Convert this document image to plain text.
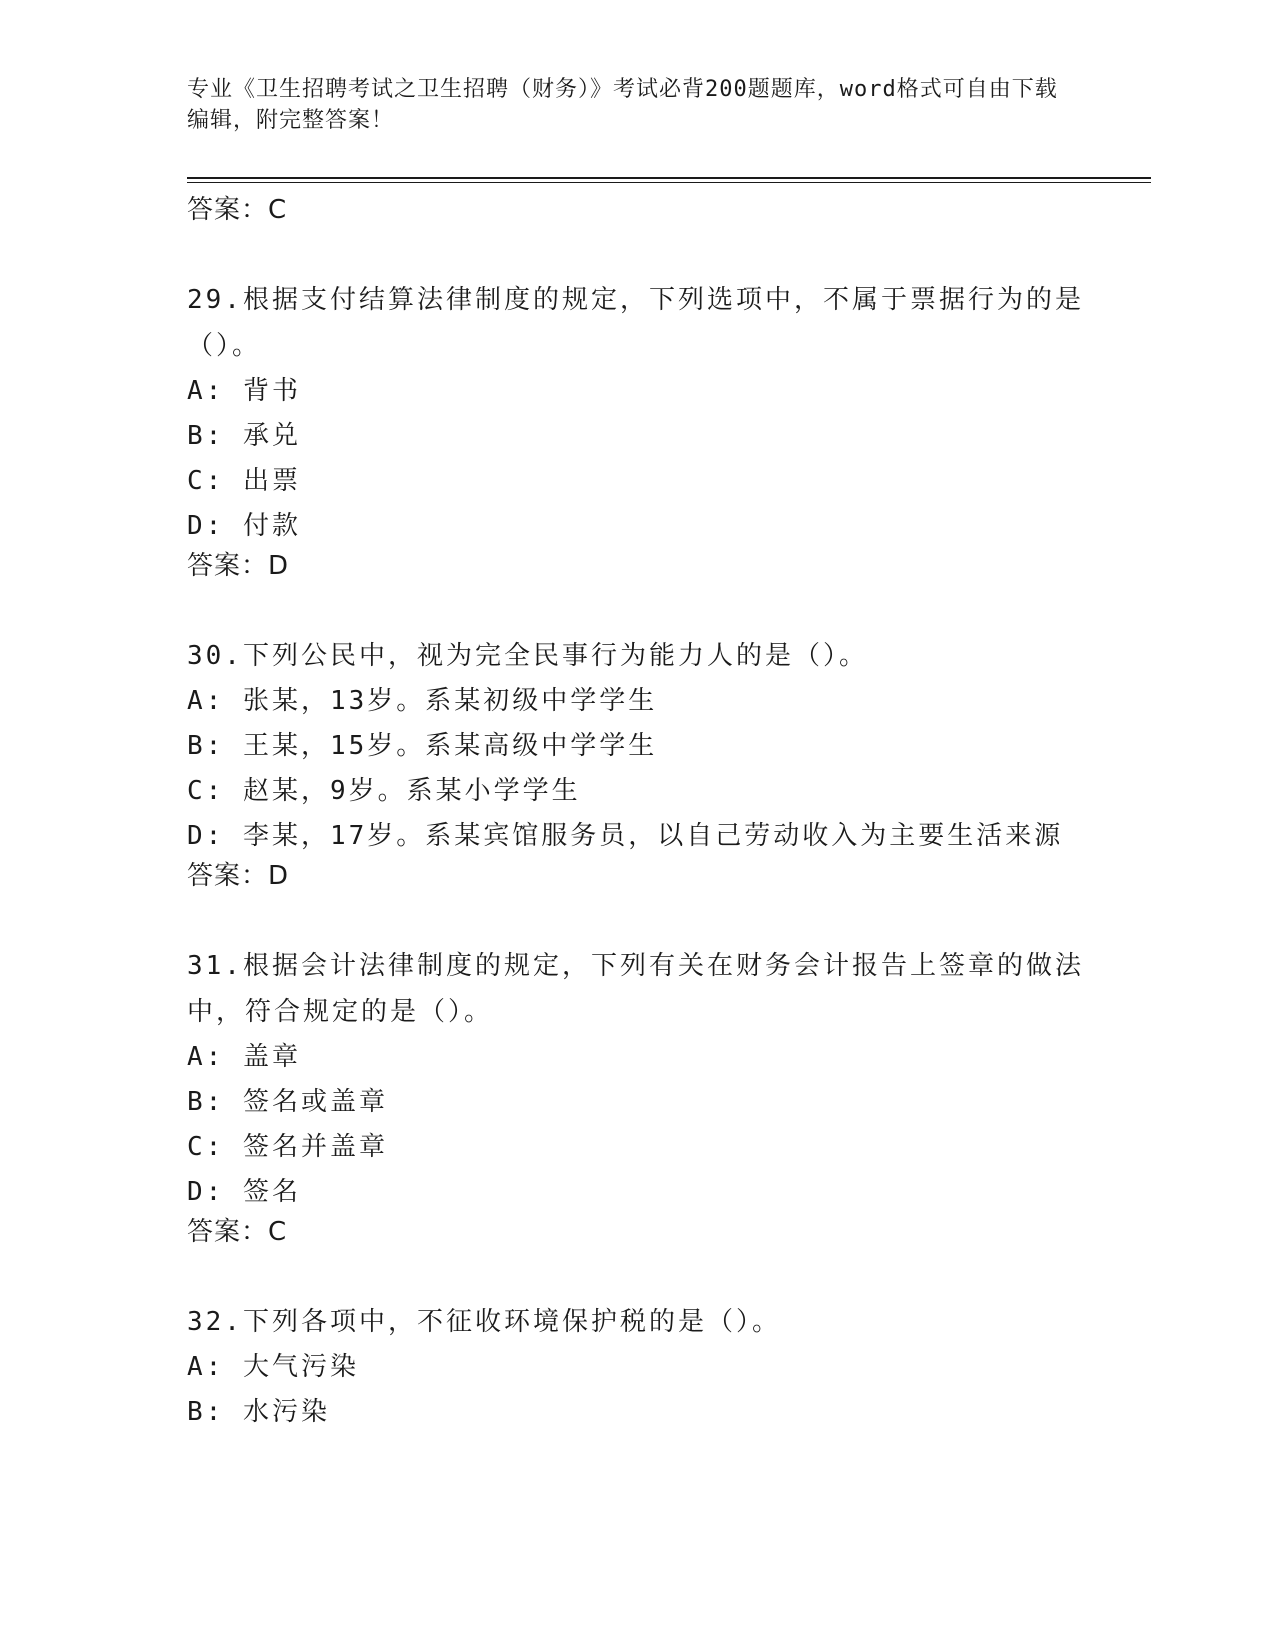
专业《卫生招聘考试之卫生招聘（财务）》考试必背200题题库，word格式可自由下载编辑，附完整答案！
答案：C
29.根据支付结算法律制度的规定，下列选项中，不属于票据行为的是（）。
A: 背书
B: 承兑
C: 出票
D: 付款
答案：D
30.下列公民中，视为完全民事行为能力人的是（）。
A: 张某，13岁。系某初级中学学生
B: 王某，15岁。系某高级中学学生
C: 赵某，9岁。系某小学学生
D: 李某，17岁。系某宾馆服务员，以自己劳动收入为主要生活来源
答案：D
31.根据会计法律制度的规定，下列有关在财务会计报告上签章的做法中，符合规定的是（）。
A: 盖章
B: 签名或盖章
C: 签名并盖章
D: 签名
答案：C
32.下列各项中，不征收环境保护税的是（）。
A: 大气污染
B: 水污染
